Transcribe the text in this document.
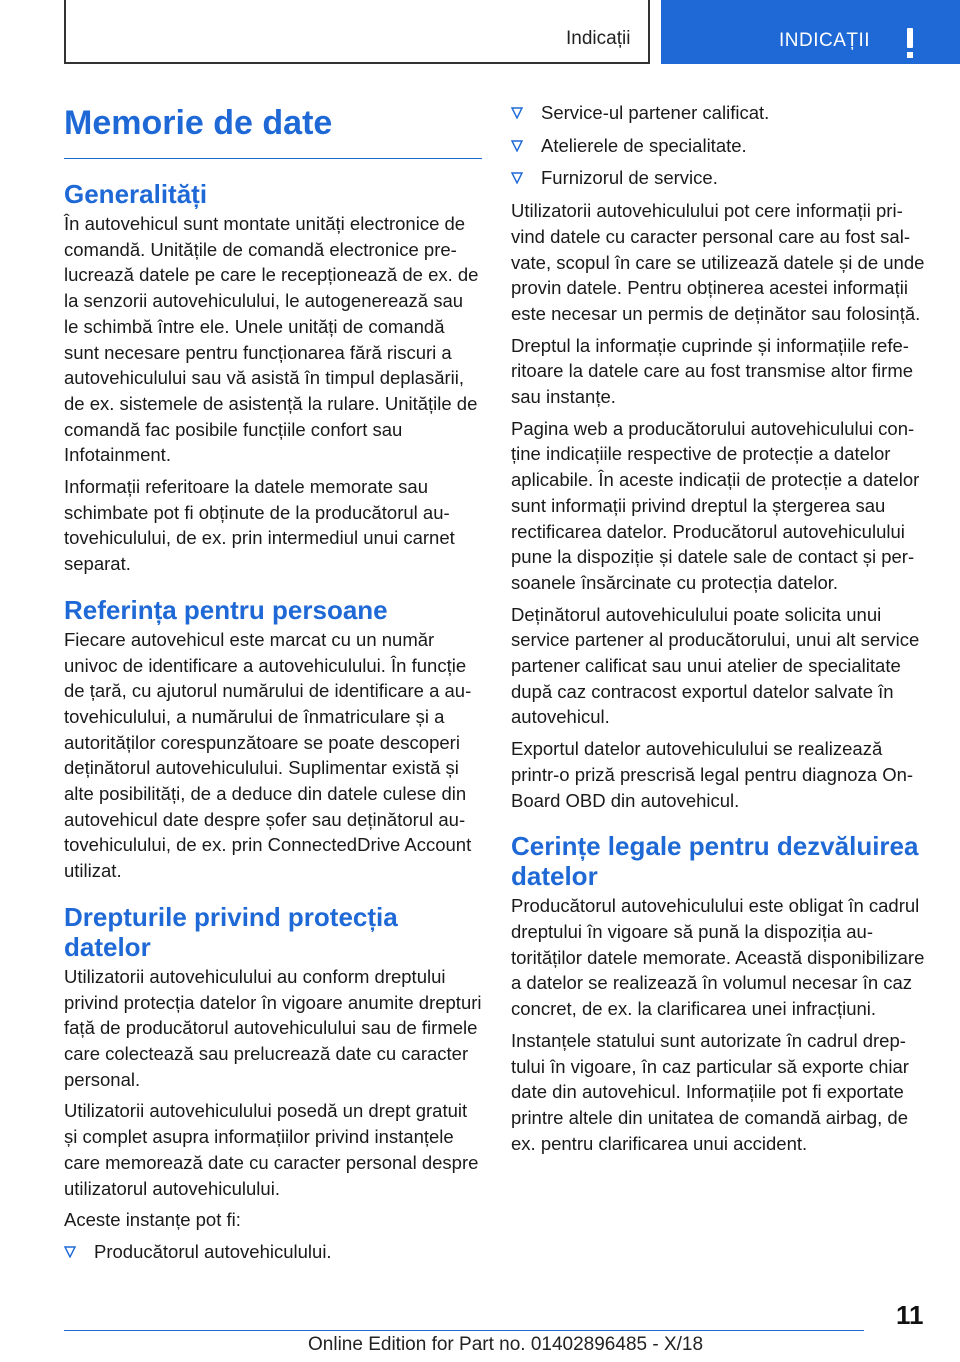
Indicații	INDICAȚII
Memorie de date
Generalități

În autovehicul sunt montate unități electronice de comandă. Unitățile de comandă electronice prelucrează datele pe care le recepționează de ex. de la senzorii autovehiculului, le autogenerează sau le schimbă între ele. Unele unități de comandă sunt necesare pentru funcționarea fără riscuri a autovehiculului sau vă asistă în timpul deplasării, de ex. sistemele de asistență la rulare. Unitățile de comandă fac posibile funcțiile confort sau Infotainment.

Informații referitoare la datele memorate sau schimbate pot fi obținute de la producătorul autovehiculului, de ex. prin intermediul unui carnet separat.

Referința pentru persoane

Fiecare autovehicul este marcat cu un număr univoc de identificare a autovehiculului. În funcție de țară, cu ajutorul numărului de identificare a autovehiculului, a numărului de înmatriculare și a autorităților corespunzătoare se poate descoperi deținătorul autovehiculului. Suplimentar există și alte posibilități, de a deduce din datele culese din autovehicul date despre șofer sau deținătorul autovehiculului, de ex. prin ConnectedDrive Account utilizat.

Drepturile privind protecția datelor

Utilizatorii autovehiculului au conform dreptului privind protecția datelor în vigoare anumite drepturi față de producătorul autovehiculului sau de firmele care colectează sau prelucrează date cu caracter personal.

Utilizatorii autovehiculului posedă un drept gratuit și complet asupra informațiilor privind instanțele care memorează date cu caracter personal despre utilizatorul autovehiculului.

Aceste instanțe pot fi:

Producătorul autovehiculului.
Service-ul partener calificat.
Atelierele de specialitate.
Furnizorul de service.

Utilizatorii autovehiculului pot cere informații privind datele cu caracter personal care au fost salvate, scopul în care se utilizează datele și de unde provin datele. Pentru obținerea acestei informații este necesar un permis de deținător sau folosință.

Dreptul la informație cuprinde și informațiile referitoare la datele care au fost transmise altor firme sau instanțe.

Pagina web a producătorului autovehiculului conține indicațiile respective de protecție a datelor aplicabile. În aceste indicații de protecție a datelor sunt informații privind dreptul la ștergerea sau rectificarea datelor. Producătorul autovehiculului pune la dispoziție și datele sale de contact și persoanele însărcinate cu protecția datelor.

Deținătorul autovehiculului poate solicita unui service partener al producătorului, unui alt service partener calificat sau unui atelier de specialitate după caz contracost exportul datelor salvate în autovehicul.

Exportul datelor autovehiculului se realizează printr-o priză prescrisă legal pentru diagnoza On-Board OBD din autovehicul.

Cerințe legale pentru dezvăluirea datelor

Producătorul autovehiculului este obligat în cadrul dreptului în vigoare să pună la dispoziția autorităților datele memorate. Această disponibilizare a datelor se realizează în volumul necesar în caz concret, de ex. la clarificarea unei infracțiuni.

Instanțele statului sunt autorizate în cadrul dreptului în vigoare, în caz particular să exporte chiar date din autovehicul. Informațiile pot fi exportate printre altele din unitatea de comandă airbag, de ex. pentru clarificarea unui accident.

11
Online Edition for Part no. 01402896485 - X/18
